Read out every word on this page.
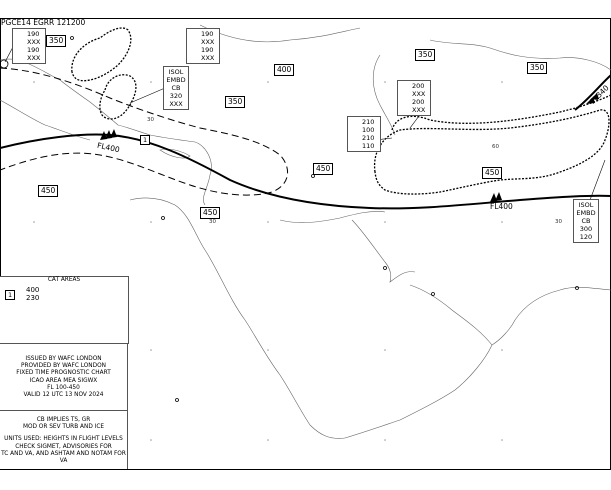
PGCE14 EGRR 121200
350
400
350
350
350
450	450
450
450
FL400
FL400
FL340
1
190
XXX
190
XXX
190
XXX
190
XXX
ISOL
EMBD
CB
320
XXX
200
XXX
200
XXX
210
100
210
110
ISOL
EMBD
CB
300
120
30
30	30
60
CAT AREAS
1
400
230
ISSUED BY WAFC LONDON
PROVIDED BY WAFC LONDON
FIXED TIME PROGNOSTIC CHART
ICAO AREA MEA SIGWX
FL 100-450
VALID 12 UTC 13 NOV 2024
CB IMPLIES TS, GR
MOD OR SEV TURB AND ICE
UNITS USED: HEIGHTS IN FLIGHT LEVELS
CHECK SIGMET, ADVISORIES FOR
TC AND VA, AND ASHTAM AND NOTAM FOR VA
